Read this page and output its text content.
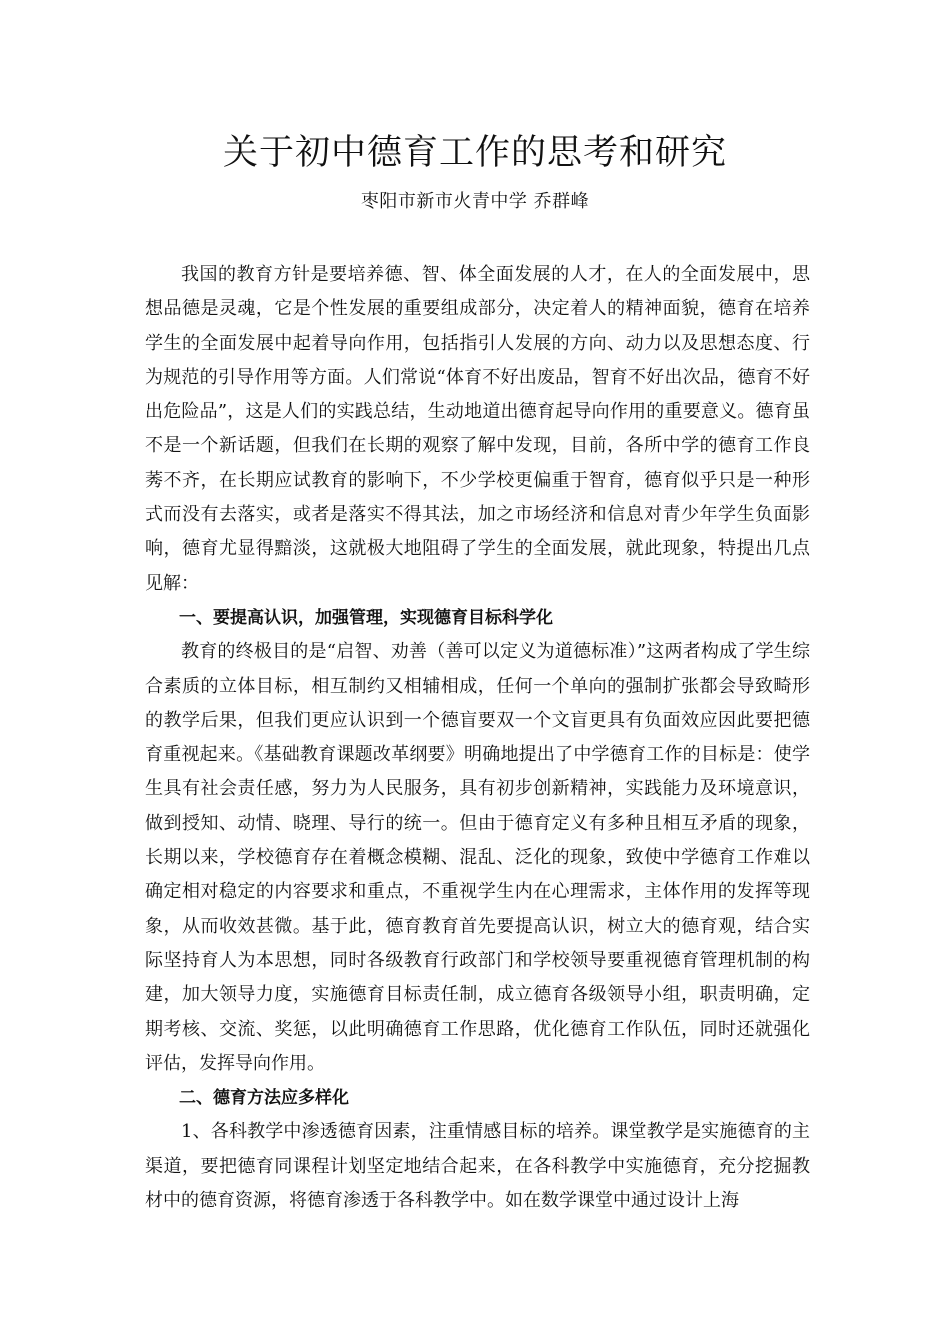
关于初中德育工作的思考和研究
枣阳市新市火青中学 乔群峰

我国的教育方针是要培养德、智、体全面发展的人才，在人的全面发展中，思想品德是灵魂，它是个性发展的重要组成部分，决定着人的精神面貌，德育在培养学生的全面发展中起着导向作用，包括指引人发展的方向、动力以及思想态度、行为规范的引导作用等方面。人们常说“体育不好出废品，智育不好出次品，德育不好出危险品”，这是人们的实践总结，生动地道出德育起导向作用的重要意义。德育虽不是一个新话题，但我们在长期的观察了解中发现，目前，各所中学的德育工作良莠不齐，在长期应试教育的影响下，不少学校更偏重于智育，德育似乎只是一种形式而没有去落实，或者是落实不得其法，加之市场经济和信息对青少年学生负面影响，德育尤显得黯淡，这就极大地阻碍了学生的全面发展，就此现象，特提出几点见解：

一、要提高认识，加强管理，实现德育目标科学化

教育的终极目的是“启智、劝善（善可以定义为道德标准）”这两者构成了学生综合素质的立体目标，相互制约又相辅相成，任何一个单向的强制扩张都会导致畸形的教学后果，但我们更应认识到一个德盲要双一个文盲更具有负面效应因此要把德育重视起来。《基础教育课题改革纲要》明确地提出了中学德育工作的目标是：使学生具有社会责任感，努力为人民服务，具有初步创新精神，实践能力及环境意识，做到授知、动情、晓理、导行的统一。但由于德育定义有多种且相互矛盾的现象，长期以来，学校德育存在着概念模糊、混乱、泛化的现象，致使中学德育工作难以确定相对稳定的内容要求和重点，不重视学生内在心理需求，主体作用的发挥等现象，从而收效甚微。基于此，德育教育首先要提高认识，树立大的德育观，结合实际坚持育人为本思想，同时各级教育行政部门和学校领导要重视德育管理机制的构建，加大领导力度，实施德育目标责任制，成立德育各级领导小组，职责明确，定期考核、交流、奖惩，以此明确德育工作思路，优化德育工作队伍，同时还就强化评估，发挥导向作用。

二、德育方法应多样化

1、各科教学中渗透德育因素，注重情感目标的培养。课堂教学是实施德育的主渠道，要把德育同课程计划坚定地结合起来，在各科教学中实施德育，充分挖掘教材中的德育资源，将德育渗透于各科教学中。如在数学课堂中通过设计上海
